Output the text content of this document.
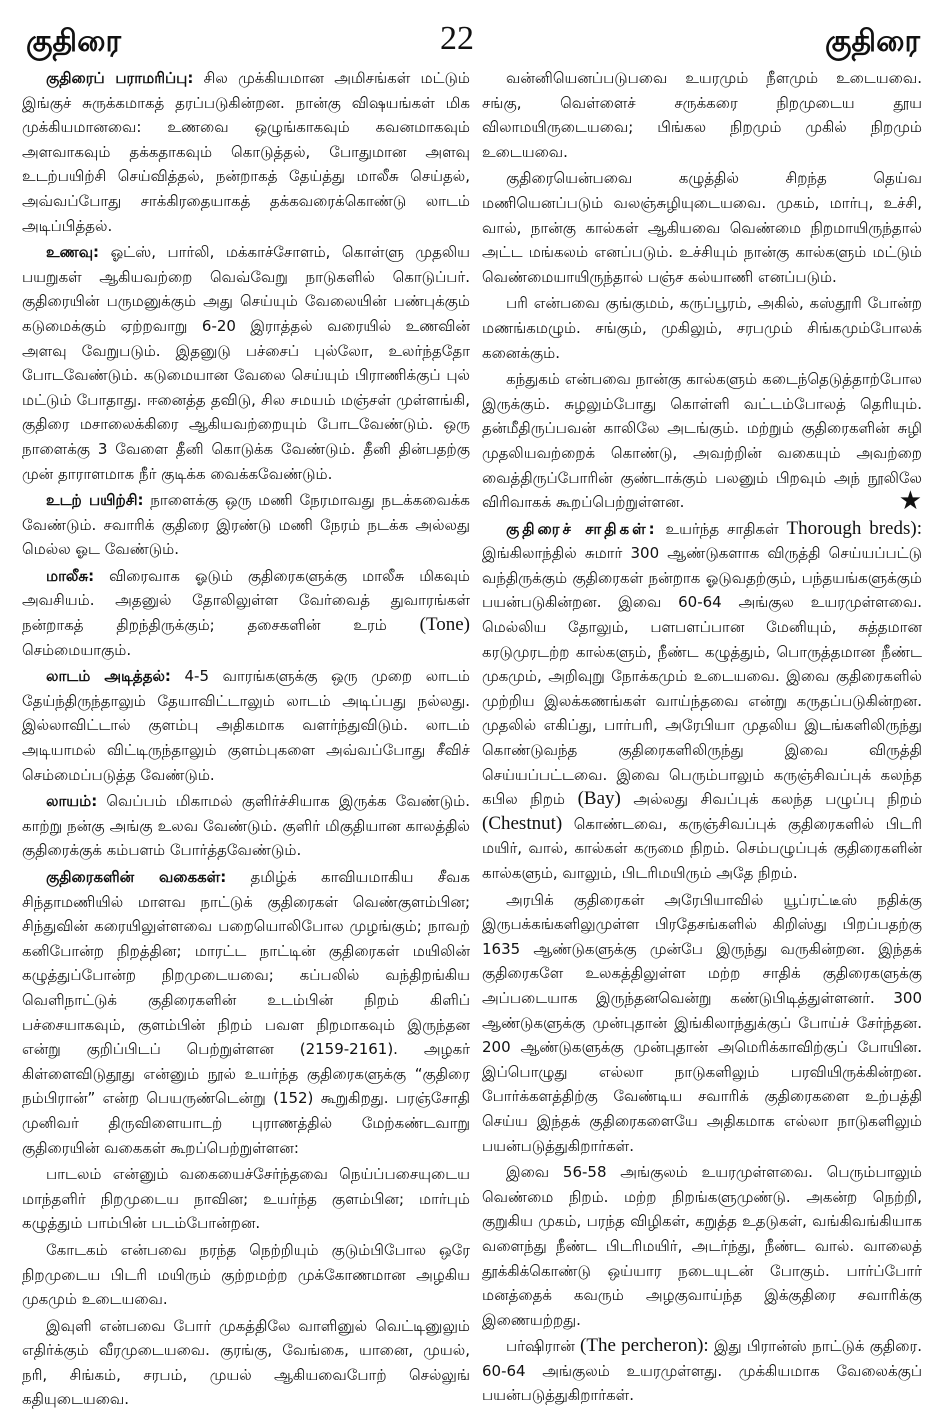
குதிரை	22	குதிரை

குதிரைப் பராமரிப்பு: சில முக்கியமான அமிசங்கள் மட்டும் இங்குச் சுருக்கமாகத் தரப்படுகின்றன. நான்கு விஷயங்கள் மிக முக்கியமானவை: உணவை ஒழுங்காகவும் கவனமாகவும் அளவாகவும் தக்கதாகவும் கொடுத்தல், போதுமான அளவு உடற்பயிற்சி செய்வித்தல், நன்றாகத் தேய்த்து மாலீசு செய்தல், அவ்வப்போது சாக்கிரதையாகத் தக்கவரைக்கொண்டு லாடம் அடிப்பித்தல்.

உணவு: ஓட்ஸ், பார்லி, மக்காச்சோளம், கொள்ளு முதலிய பயறுகள் ஆகியவற்றை வெவ்வேறு நாடுகளில் கொடுப்பர். குதிரையின் பருமனுக்கும் அது செய்யும் வேலையின் பண்புக்கும் கடுமைக்கும் ஏற்றவாறு 6-20 இராத்தல் வரையில் உணவின் அளவு வேறுபடும். இதனுடு பச்சைப் புல்லோ, உலர்ந்ததோ போடவேண்டும். கடுமையான வேலை செய்யும் பிராணிக்குப் புல் மட்டும் போதாது. ஈனைத்த தவிடு, சில சமயம் மஞ்சள் முள்ளங்கி, குதிரை மசாலைக்கிரை ஆகியவற்றையும் போடவேண்டும். ஒரு நாளைக்கு 3 வேளை தீனி கொடுக்க வேண்டும். தீனி தின்பதற்கு முன் தாராளமாக நீர் குடிக்க வைக்கவேண்டும்.

உடற் பயிற்சி: நாளைக்கு ஒரு மணி நேரமாவது நடக்கவைக்க வேண்டும். சவாரிக் குதிரை இரண்டு மணி நேரம் நடக்க அல்லது மெல்ல ஓட வேண்டும்.

மாலீசு: விரைவாக ஓடும் குதிரைகளுக்கு மாலீசு மிகவும் அவசியம். அதனுல் தோலிலுள்ள வேர்வைத் துவாரங்கள் நன்றாகத் திறந்திருக்கும்; தசைகளின் உரம் (Tone) செம்மையாகும்.

லாடம் அடித்தல்: 4-5 வாரங்களுக்கு ஒரு முறை லாடம் தேய்ந்திருந்தாலும் தேயாவிட்டாலும் லாடம் அடிப்பது நல்லது. இல்லாவிட்டால் குளம்பு அதிகமாக வளர்ந்துவிடும். லாடம் அடியாமல் விட்டிருந்தாலும் குளம்புகளை அவ்வப்போது சீவிச் செம்மைப்படுத்த வேண்டும்.

லாயம்: வெப்பம் மிகாமல் குளிர்ச்சியாக இருக்க வேண்டும். காற்று நன்கு அங்கு உலவ வேண்டும். குளிர் மிகுதியான காலத்தில் குதிரைக்குக் கம்பளம் போர்த்தவேண்டும்.

குதிரைகளின் வகைகள்: தமிழ்க் காவியமாகிய சீவக சிந்தாமணியில் மாளவ நாட்டுக் குதிரைகள் வெண்குளம்பின; சிந்துவின் கரையிலுள்ளவை பறையொலிபோல முழங்கும்; நாவற் கனிபோன்ற நிறத்தின; மாரட்ட நாட்டின் குதிரைகள் மயிலின் கழுத்துப்போன்ற நிறமுடையவை; கப்பலில் வந்திறங்கிய வெளிநாட்டுக் குதிரைகளின் உடம்பின் நிறம் கிளிப் பச்சையாகவும், குளம்பின் நிறம் பவள நிறமாகவும் இருந்தன என்று குறிப்பிடப் பெற்றுள்ளன (2159-2161). அழகர் கிள்ளைவிடுதூது என்னும் நூல் உயர்ந்த குதிரைகளுக்கு “குதிரை நம்பிரான்” என்ற பெயருண்டென்று (152) கூறுகிறது. பரஞ்சோதி முனிவர் திருவிளையாடற் புராணத்தில் மேற்கண்டவாறு குதிரையின் வகைகள் கூறப்பெற்றுள்ளன:

பாடலம் என்னும் வகையைச்சேர்ந்தவை நெய்ப்பசையுடைய மாந்தளிர் நிறமுடைய நாவின; உயர்ந்த குளம்பின; மார்பும் கழுத்தும் பாம்பின் படம்போன்றன.

கோடகம் என்பவை நரந்த நெற்றியும் குடும்பிபோல ஒரே நிறமுடைய பிடரி மயிரும் குற்றமற்ற முக்கோணமான அழகிய முகமும் உடையவை.

இவுளி என்பவை போர் முகத்திலே வாளினுல் வெட்டினுலும் எதிர்க்கும் வீரமுடையவை. குரங்கு, வேங்கை, யானை, முயல், நரி, சிங்கம், சரபம், முயல் ஆகியவைபோற் செல்லுங் கதியுடையவை.

வன்னியெனப்படுபவை உயரமும் நீளமும் உடையவை. சங்கு, வெள்ளைச் சருக்கரை நிறமுடைய தூய விலாமயிருடையவை; பிங்கல நிறமும் முகில் நிறமும் உடையவை.

குதிரையென்பவை கழுத்தில் சிறந்த தெய்வ மணியெனப்படும் வலஞ்சுழியுடையவை. முகம், மார்பு, உச்சி, வால், நான்கு கால்கள் ஆகியவை வெண்மை நிறமாயிருந்தால் அட்ட மங்கலம் எனப்படும். உச்சியும் நான்கு கால்களும் மட்டும் வெண்மையாயிருந்தால் பஞ்ச கல்யாணி எனப்படும்.

பரி என்பவை குங்குமம், கருப்பூரம், அகில், கஸ்தூரி போன்ற மணங்கமழும். சங்கும், முகிலும், சரபமும் சிங்கமும்போலக் கனைக்கும்.

கந்துகம் என்பவை நான்கு கால்களும் கடைந்தெடுத்தாற்போல இருக்கும். சுழலும்போது கொள்ளி வட்டம்போலத் தெரியும். தன்மீதிருப்பவன் காலிலே அடங்கும். மற்றும் குதிரைகளின் சுழி முதலியவற்றைக் கொண்டு, அவற்றின் வகையும் அவற்றை வைத்திருப்போரின் குண்டாக்கும் பலனும் பிறவும் அந் நூலிலே விரிவாகக் கூறப்பெற்றுள்ளன.	★

குதிரைச் சாதிகள்: உயர்ந்த சாதிகள் Thorough breds): இங்கிலாந்தில் சுமார் 300 ஆண்டுகளாக விருத்தி செய்யப்பட்டு வந்திருக்கும் குதிரைகள் நன்றாக ஓடுவதற்கும், பந்தயங்களுக்கும் பயன்படுகின்றன. இவை 60-64 அங்குல உயரமுள்ளவை. மெல்லிய தோலும், பளபளப்பான மேனியும், சுத்தமான கரடுமுரடற்ற கால்களும், நீண்ட கழுத்தும், பொருத்தமான நீண்ட முகமும், அறிவுறு நோக்கமும் உடையவை. இவை குதிரைகளில் முற்றிய இலக்கணங்கள் வாய்ந்தவை என்று கருதப்படுகின்றன. முதலில் எகிப்து, பார்பரி, அரேபியா முதலிய இடங்களிலிருந்து கொண்டுவந்த குதிரைகளிலிருந்து இவை விருத்தி செய்யப்பட்டவை. இவை பெரும்பாலும் கருஞ்சிவப்புக் கலந்த கபில நிறம் (Bay) அல்லது சிவப்புக் கலந்த பழுப்பு நிறம் (Chestnut) கொண்டவை, கருஞ்சிவப்புக் குதிரைகளில் பிடரி மயிர், வால், கால்கள் கருமை நிறம். செம்பழுப்புக் குதிரைகளின் கால்களும், வாலும், பிடரிமயிரும் அதே நிறம்.

அரபிக் குதிரைகள் அரேபியாவில் யூப்ரட்டீஸ் நதிக்கு இருபக்கங்களிலுமுள்ள பிரதேசங்களில் கிறிஸ்து பிறப்பதற்கு 1635 ஆண்டுகளுக்கு முன்பே இருந்து வருகின்றன. இந்தக் குதிரைகளே உலகத்திலுள்ள மற்ற சாதிக் குதிரைகளுக்கு அப்படையாக இருந்தனவென்று கண்டுபிடித்துள்ளனர். 300 ஆண்டுகளுக்கு முன்புதான் இங்கிலாந்துக்குப் போய்ச் சேர்ந்தன. 200 ஆண்டுகளுக்கு முன்புதான் அமெரிக்காவிற்குப் போயின. இப்பொழுது எல்லா நாடுகளிலும் பரவியிருக்கின்றன. போர்க்களத்திற்கு வேண்டிய சவாரிக் குதிரைகளை உற்பத்தி செய்ய இந்தக் குதிரைகளையே அதிகமாக எல்லா நாடுகளிலும் பயன்படுத்துகிறார்கள்.

இவை 56-58 அங்குலம் உயரமுள்ளவை. பெரும்பாலும் வெண்மை நிறம். மற்ற நிறங்களுமுண்டு. அகன்ற நெற்றி, குறுகிய முகம், பரந்த விழிகள், கறுத்த உதடுகள், வங்கிவங்கியாக வளைந்து நீண்ட பிடரிமயிர், அடர்ந்து, நீண்ட வால். வாலைத் தூக்கிக்கொண்டு ஒய்யார நடையுடன் போகும். பார்ப்போர் மனத்தைக் கவரும் அழகுவாய்ந்த இக்குதிரை சவாரிக்கு இணையற்றது.

பர்ஷிரான் (The percheron): இது பிரான்ஸ் நாட்டுக் குதிரை. 60-64 அங்குலம் உயரமுள்ளது. முக்கியமாக வேலைக்குப் பயன்படுத்துகிறார்கள்.
